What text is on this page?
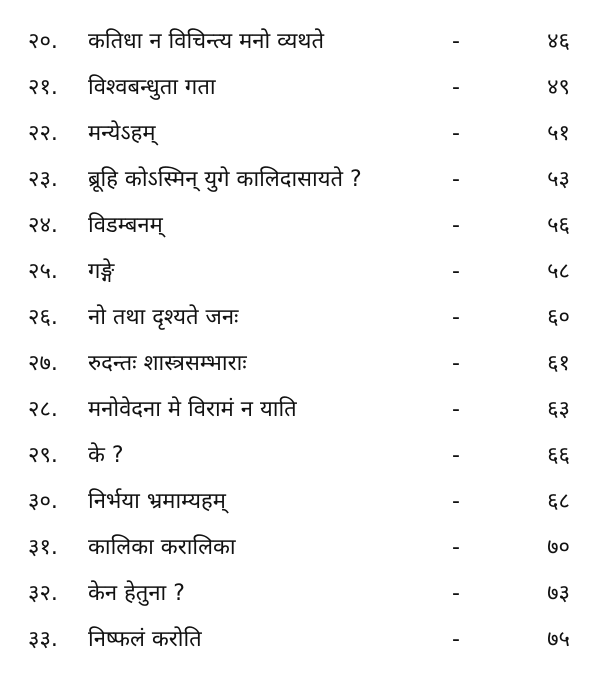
२०. कतिधा न विचिन्त्य मनो व्यथते	-	४६
२१. विश्वबन्धुता गता	-	४९
२२. मन्येऽहम्	-	५१
२३. ब्रूहि कोऽस्मिन् युगे कालिदासायते ?	-	५३
२४. विडम्बनम्	-	५६
२५. गङ्गे	-	५८
२६. नो तथा दृश्यते जनः	-	६०
२७. रुदन्तः शास्त्रसम्भाराः	-	६१
२८. मनोवेदना मे विरामं न याति	-	६३
२९. के ?	-	६६
३०. निर्भया भ्रमाम्यहम्	-	६८
३१. कालिका करालिका	-	७०
३२. केन हेतुना ?	-	७३
३३. निष्फलं करोति	-	७५
